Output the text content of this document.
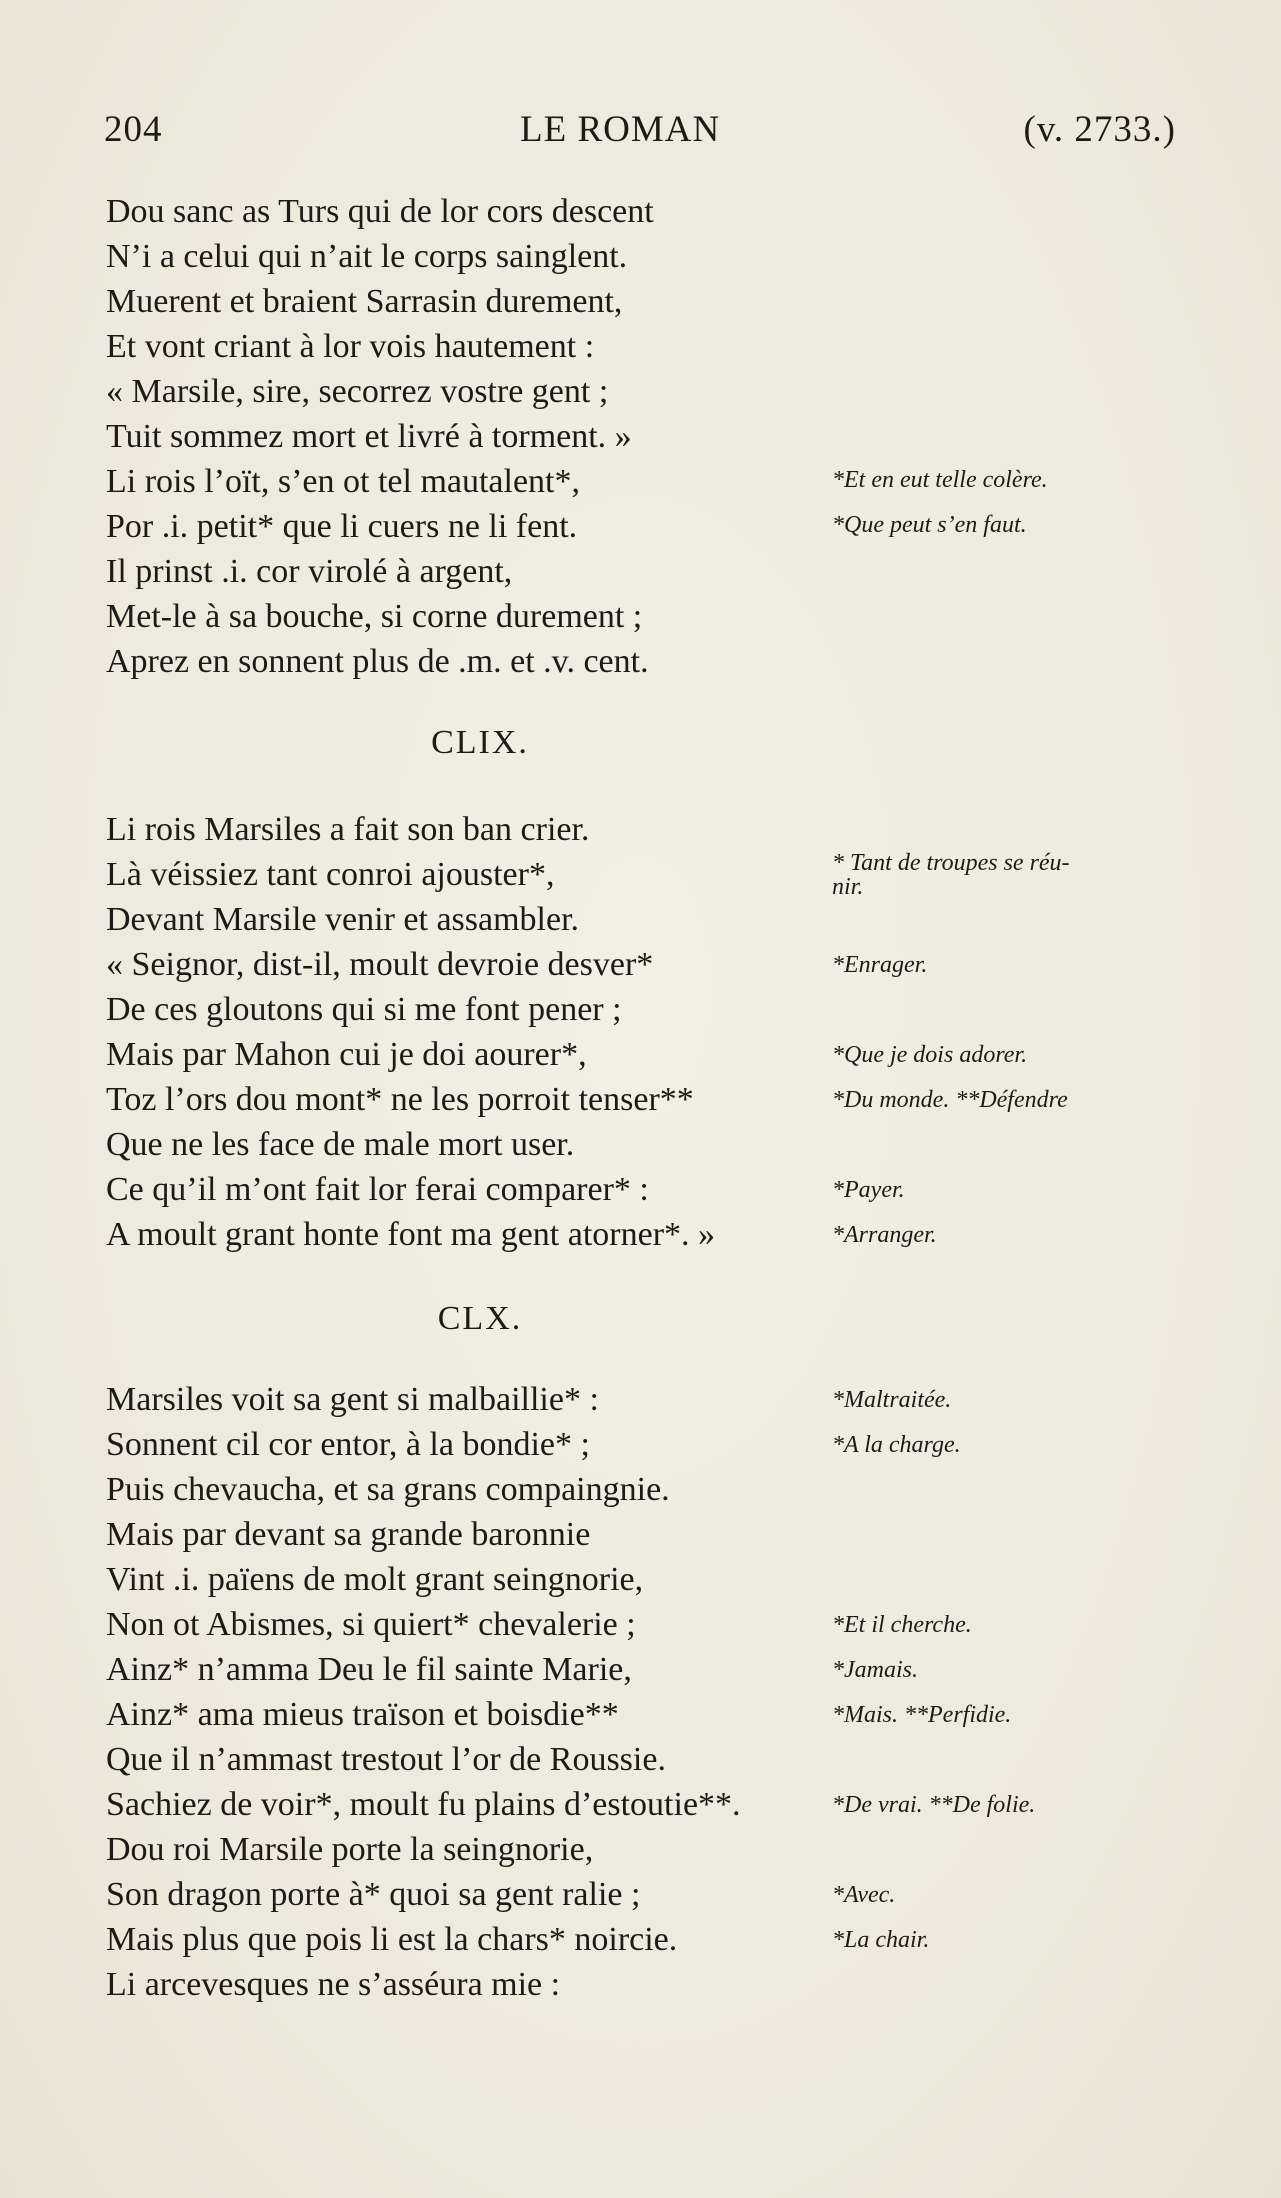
204	LE ROMAN	(v. 2733.)
Dou sanc as Turs qui de lor cors descent
N’i a celui qui n’ait le corps sainglent.
Muerent et braient Sarrasin durement,
Et vont criant à lor vois hautement :
« Marsile, sire, secorrez vostre gent ;
Tuit sommez mort et livré à torment. »
Li rois l’oït, s’en ot tel mautalent*,
Por .i. petit* que li cuers ne li fent.
Il prinst .i. cor virolé à argent,
Met-le à sa bouche, si corne durement ;
Aprez en sonnent plus de .m. et .v. cent.
*Et en eut telle colère.
*Que peut s’en faut.
CLIX.
Li rois Marsiles a fait son ban crier.
Là véissiez tant conroi ajouster*,
Devant Marsile venir et assambler.
« Seignor, dist-il, moult devroie desver*
De ces gloutons qui si me font pener ;
Mais par Mahon cui je doi aourer*,
Toz l’ors dou mont* ne les porroit tenser**
Que ne les face de male mort user.
Ce qu’il m’ont fait lor ferai comparer* :
A moult grant honte font ma gent atorner*. »
* Tant de troupes se réu-
nir.
*Enrager.
*Que je dois adorer.
*Du monde. **Défendre
*Payer.
*Arranger.
CLX.
Marsiles voit sa gent si malbaillie* :
Sonnent cil cor entor, à la bondie* ;
Puis chevaucha, et sa grans compaingnie.
Mais par devant sa grande baronnie
Vint .i. païens de molt grant seingnorie,
Non ot Abismes, si quiert* chevalerie ;
Ainz* n’amma Deu le fil sainte Marie,
Ainz* ama mieus traïson et boisdie**
Que il n’ammast trestout l’or de Roussie.
Sachiez de voir*, moult fu plains d’estoutie**.
Dou roi Marsile porte la seingnorie,
Son dragon porte à* quoi sa gent ralie ;
Mais plus que pois li est la chars* noircie.
Li arcevesques ne s’asséura mie :
*Maltraitée.
*A la charge.
*Et il cherche.
*Jamais.
*Mais. **Perfidie.
*De vrai. **De folie.
*Avec.
*La chair.
